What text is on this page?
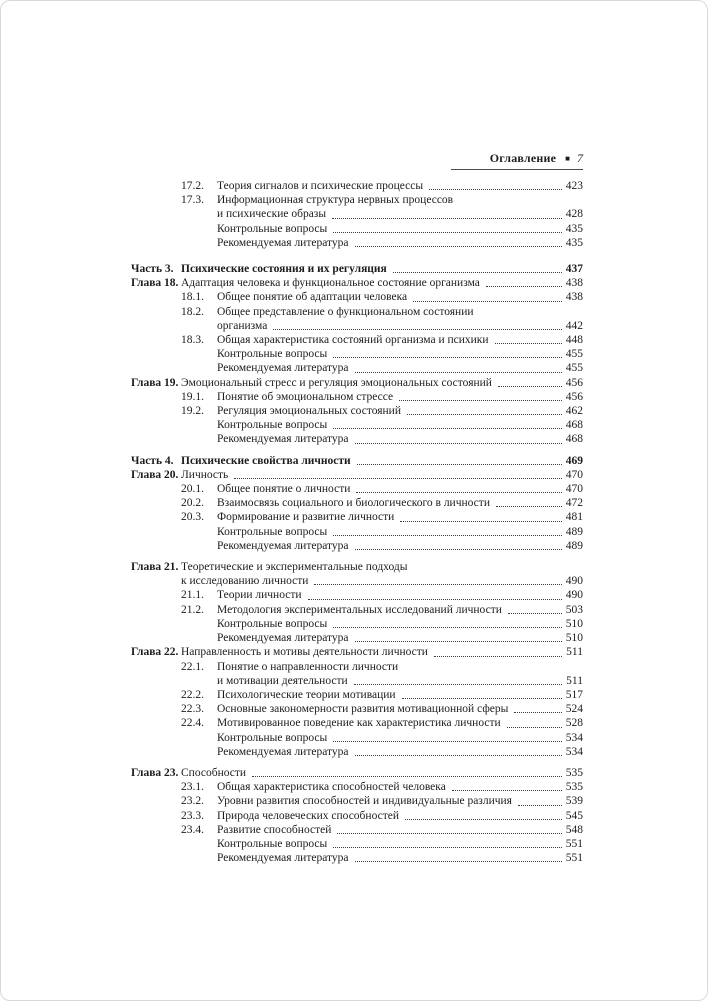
Оглавление ■ 7
17.2.	Теория сигналов и психические процессы	423
17.3.	Информационная структура нервных процессов
и психические образы	428
Контрольные вопросы	435
Рекомендуемая литература	435
Часть 3. Психические состояния и их регуляция	437
Глава 18. Адаптация человека и функциональное состояние организма	438
18.1.	Общее понятие об адаптации человека	438
18.2.	Общее представление о функциональном состоянии
организма	442
18.3.	Общая характеристика состояний организма и психики	448
Контрольные вопросы	455
Рекомендуемая литература	455
Глава 19. Эмоциональный стресс и регуляция эмоциональных состояний	456
19.1.	Понятие об эмоциональном стрессе	456
19.2.	Регуляция эмоциональных состояний	462
Контрольные вопросы	468
Рекомендуемая литература	468
Часть 4. Психические свойства личности	469
Глава 20. Личность	470
20.1.	Общее понятие о личности	470
20.2.	Взаимосвязь социального и биологического в личности	472
20.3.	Формирование и развитие личности	481
Контрольные вопросы	489
Рекомендуемая литература	489
Глава 21. Теоретические и экспериментальные подходы
к исследованию личности	490
21.1.	Теории личности	490
21.2.	Методология экспериментальных исследований личности	503
Контрольные вопросы	510
Рекомендуемая литература	510
Глава 22. Направленность и мотивы деятельности личности	511
22.1.	Понятие о направленности личности
и мотивации деятельности	511
22.2.	Психологические теории мотивации	517
22.3.	Основные закономерности развития мотивационной сферы	524
22.4.	Мотивированное поведение как характеристика личности	528
Контрольные вопросы	534
Рекомендуемая литература	534
Глава 23. Способности	535
23.1.	Общая характеристика способностей человека	535
23.2.	Уровни развития способностей и индивидуальные различия	539
23.3.	Природа человеческих способностей	545
23.4.	Развитие способностей	548
Контрольные вопросы	551
Рекомендуемая литература	551
